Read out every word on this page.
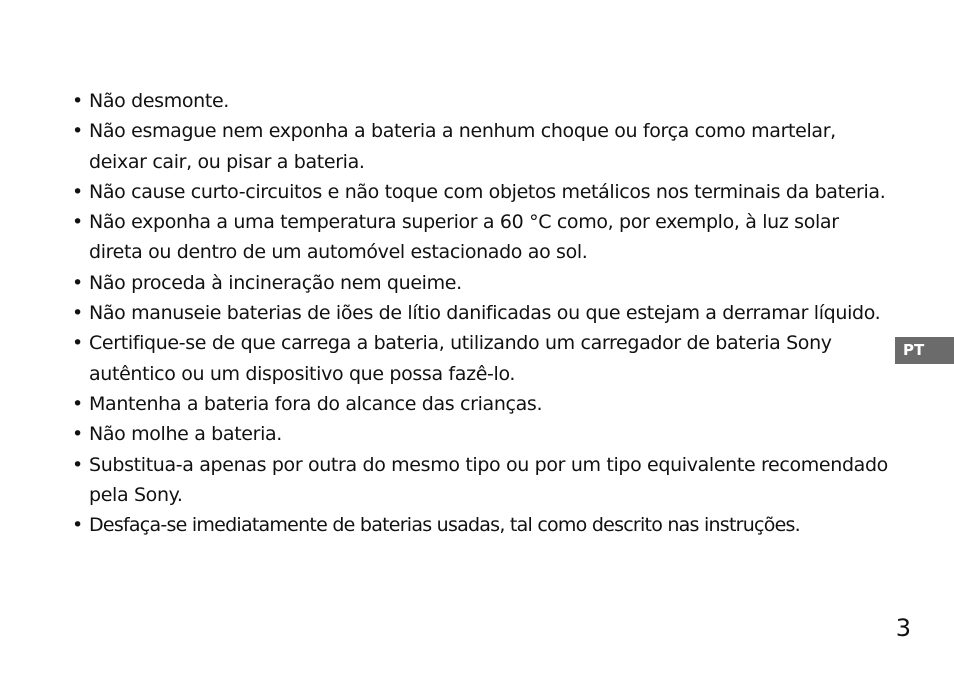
• Não desmonte.
• Não esmague nem exponha a bateria a nenhum choque ou força como martelar, deixar cair, ou pisar a bateria.
• Não cause curto-circuitos e não toque com objetos metálicos nos terminais da bateria.
• Não exponha a uma temperatura superior a 60 °C como, por exemplo, à luz solar direta ou dentro de um automóvel estacionado ao sol.
• Não proceda à incineração nem queime.
• Não manuseie baterias de iões de lítio danificadas ou que estejam a derramar líquido.
• Certifique-se de que carrega a bateria, utilizando um carregador de bateria Sony autêntico ou um dispositivo que possa fazê-lo.
• Mantenha a bateria fora do alcance das crianças.
• Não molhe a bateria.
• Substitua-a apenas por outra do mesmo tipo ou por um tipo equivalente recomendado pela Sony.
• Desfaça-se imediatamente de baterias usadas, tal como descrito nas instruções.
PT
3
